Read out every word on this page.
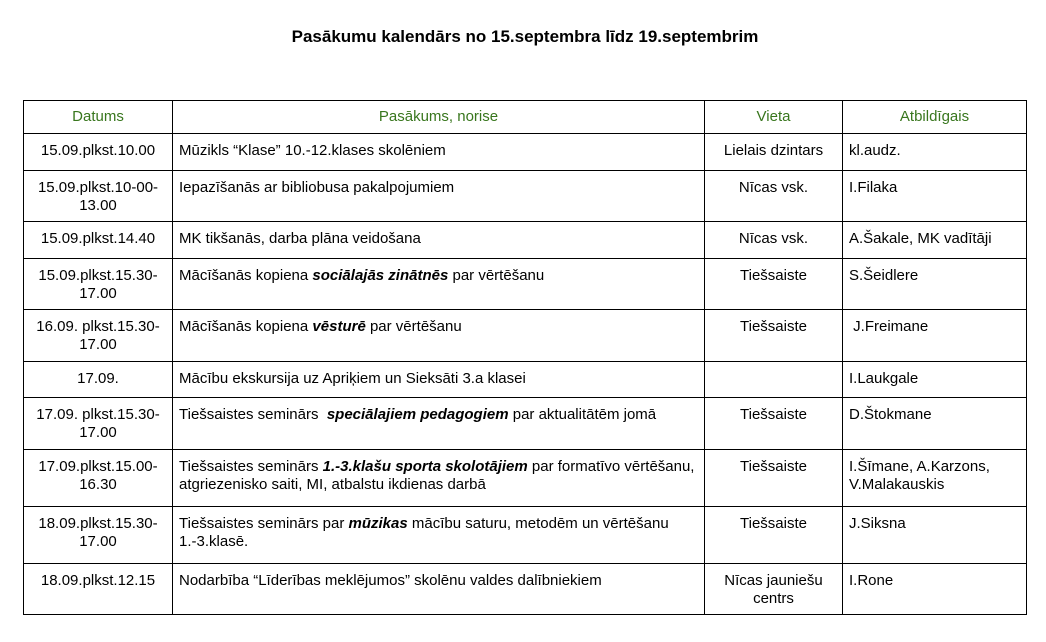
Pasākumu kalendārs no 15.septembra līdz 19.septembrim
Datums	Pasākums, norise	Vieta	Atbildīgais
15.09.plkst.10.00	Mūzikls “Klase” 10.-12.klases skolēniem	Lielais dzintars	kl.audz.
15.09.plkst.10-00-13.00	Iepazīšanās ar bibliobusa pakalpojumiem	Nīcas vsk.	I.Filaka
15.09.plkst.14.40	MK tikšanās, darba plāna veidošana	Nīcas vsk.	A.Šakale, MK vadītāji
15.09.plkst.15.30-17.00	Mācīšanās kopiena sociālajās zinātnēs par vērtēšanu	Tiešsaiste	S.Šeidlere
16.09. plkst.15.30-17.00	Mācīšanās kopiena vēsturē par vērtēšanu	Tiešsaiste	J.Freimane
17.09.	Mācību ekskursija uz Apriķiem un Sieksāti 3.a klasei		I.Laukgale
17.09. plkst.15.30-17.00	Tiešsaistes seminārs  speciālajiem pedagogiem par aktualitātēm jomā	Tiešsaiste	D.Štokmane
17.09.plkst.15.00-16.30	Tiešsaistes seminārs 1.-3.klašu sporta skolotājiem par formatīvo vērtēšanu, atgriezenisko saiti, MI, atbalstu ikdienas darbā	Tiešsaiste	I.Šīmane, A.Karzons, V.Malakauskis
18.09.plkst.15.30-17.00	Tiešsaistes seminārs par mūzikas mācību saturu, metodēm un vērtēšanu 1.-3.klasē.	Tiešsaiste	J.Siksna
18.09.plkst.12.15	Nodarbība “Līderības meklējumos” skolēnu valdes dalībniekiem	Nīcas jauniešu centrs	I.Rone
